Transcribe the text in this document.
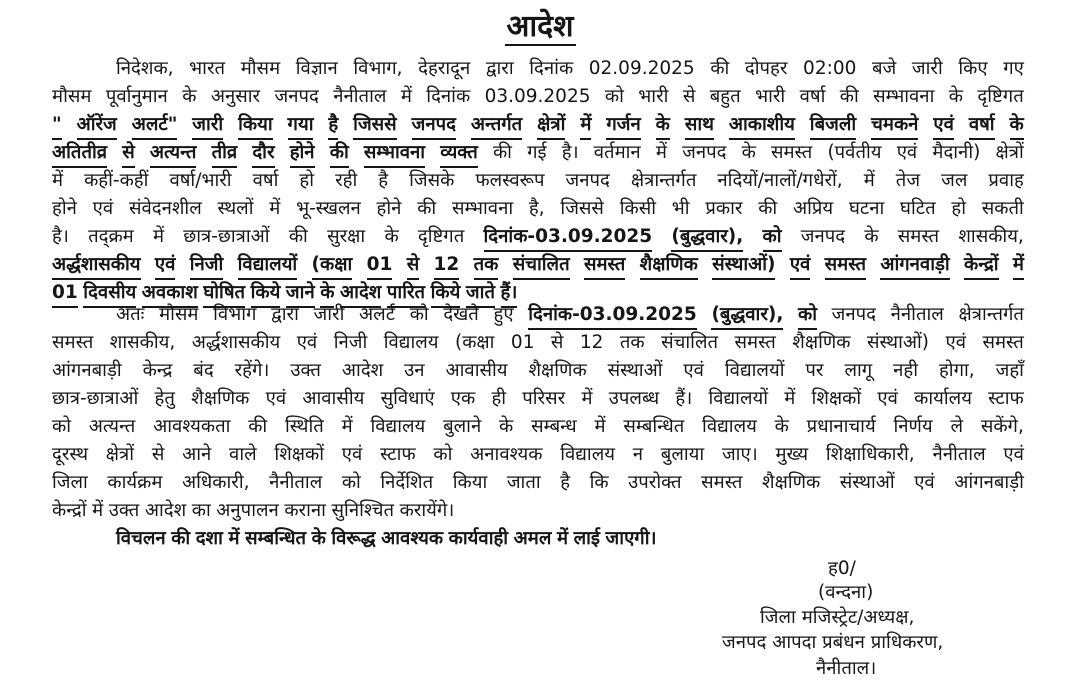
आदेश
निदेशक, भारत मौसम विज्ञान विभाग, देहरादून द्वारा दिनांक 02.09.2025 की दोपहर 02:00 बजे जारी किए गए
मौसम पूर्वानुमान के अनुसार जनपद नैनीताल में दिनांक 03.09.2025 को भारी से बहुत भारी वर्षा की सम्भावना के दृष्टिगत
" ऑरेंज अलर्ट" जारी किया गया है जिससे जनपद अन्तर्गत क्षेत्रों में गर्जन के साथ आकाशीय बिजली चमकने एवं वर्षा के
अतितीव्र से अत्यन्त तीव्र दौर होने की सम्भावना व्यक्त की गई है। वर्तमान में जनपद के समस्त (पर्वतीय एवं मैदानी) क्षेत्रों
में कहीं-कहीं वर्षा/भारी वर्षा हो रही है जिसके फलस्वरूप जनपद क्षेत्रान्तर्गत नदियों/नालों/गधेरों, में तेज जल प्रवाह
होने एवं संवेदनशील स्थलों में भू-स्खलन होने की सम्भावना है, जिससे किसी भी प्रकार की अप्रिय घटना घटित हो सकती
है। तद्क्रम में छात्र-छात्राओं की सुरक्षा के दृष्टिगत दिनांक-03.09.2025 (बुद्धवार), को जनपद के समस्त शासकीय,
अर्द्धशासकीय एवं निजी विद्यालयों (कक्षा 01 से 12 तक संचालित समस्त शैक्षणिक संस्थाओं) एवं समस्त आंगनवाड़ी केन्द्रों में
01 दिवसीय अवकाश घोषित किये जाने के आदेश पारित किये जाते हैं।
अतः मौसम विभाग द्वारा जारी अलर्ट को देखते हुए दिनांक-03.09.2025 (बुद्धवार), को जनपद नैनीताल क्षेत्रान्तर्गत
समस्त शासकीय, अर्द्धशासकीय एवं निजी विद्यालय (कक्षा 01 से 12 तक संचालित समस्त शैक्षणिक संस्थाओं) एवं समस्त
आंगनबाड़ी केन्द्र बंद रहेंगे। उक्त आदेश उन आवासीय शैक्षणिक संस्थाओं एवं विद्यालयों पर लागू नही होगा, जहाँ
छात्र-छात्राओं हेतु शैक्षणिक एवं आवासीय सुविधाएं एक ही परिसर में उपलब्ध हैं। विद्यालयों में शिक्षकों एवं कार्यालय स्टाफ
को अत्यन्त आवश्यकता की स्थिति में विद्यालय बुलाने के सम्बन्ध में सम्बन्धित विद्यालय के प्रधानाचार्य निर्णय ले सकेंगे,
दूरस्थ क्षेत्रों से आने वाले शिक्षकों एवं स्टाफ को अनावश्यक विद्यालय न बुलाया जाए। मुख्य शिक्षाधिकारी, नैनीताल एवं
जिला कार्यक्रम अधिकारी, नैनीताल को निर्देशित किया जाता है कि उपरोक्त समस्त शैक्षणिक संस्थाओं एवं आंगनबाड़ी
केन्द्रों में उक्त आदेश का अनुपालन कराना सुनिश्चित करायेंगे।
विचलन की दशा में सम्बन्धित के विरूद्ध आवश्यक कार्यवाही अमल में लाई जाएगी।
ह0/
(वन्दना)
जिला मजिस्ट्रेट/अध्यक्ष,
जनपद आपदा प्रबंधन प्राधिकरण,
नैनीताल।
